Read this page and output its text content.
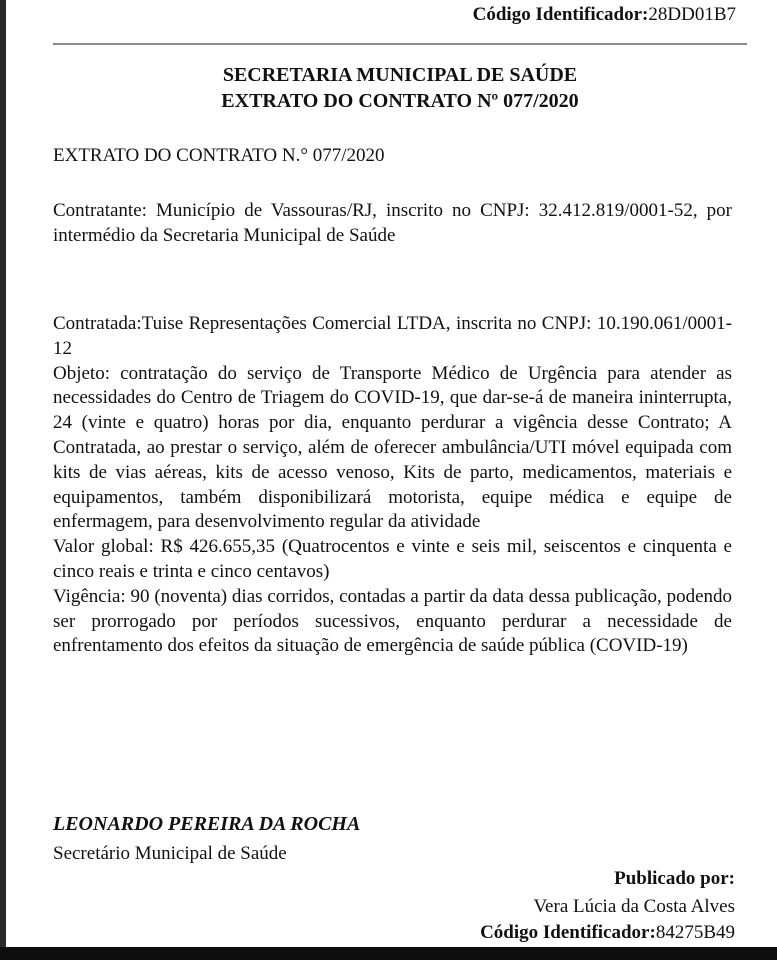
Código Identificador:28DD01B7
SECRETARIA MUNICIPAL DE SAÚDE
EXTRATO DO CONTRATO Nº 077/2020
EXTRATO DO CONTRATO N.° 077/2020
Contratante: Município de Vassouras/RJ, inscrito no CNPJ: 32.412.819/0001-52, por intermédio da Secretaria Municipal de Saúde
Contratada:Tuise Representações Comercial LTDA, inscrita no CNPJ: 10.190.061/0001-12
Objeto: contratação do serviço de Transporte Médico de Urgência para atender as necessidades do Centro de Triagem do COVID-19, que dar-se-á de maneira ininterrupta, 24 (vinte e quatro) horas por dia, enquanto perdurar a vigência desse Contrato; A Contratada, ao prestar o serviço, além de oferecer ambulância/UTI móvel equipada com kits de vias aéreas, kits de acesso venoso, Kits de parto, medicamentos, materiais e equipamentos, também disponibilizará motorista, equipe médica e equipe de enfermagem, para desenvolvimento regular da atividade
Valor global: R$ 426.655,35 (Quatrocentos e vinte e seis mil, seiscentos e cinquenta e cinco reais e trinta e cinco centavos)
Vigência: 90 (noventa) dias corridos, contadas a partir da data dessa publicação, podendo ser prorrogado por períodos sucessivos, enquanto perdurar a necessidade de enfrentamento dos efeitos da situação de emergência de saúde pública (COVID-19)
LEONARDO PEREIRA DA ROCHA
Secretário Municipal de Saúde
Publicado por:
Vera Lúcia da Costa Alves
Código Identificador:84275B49
